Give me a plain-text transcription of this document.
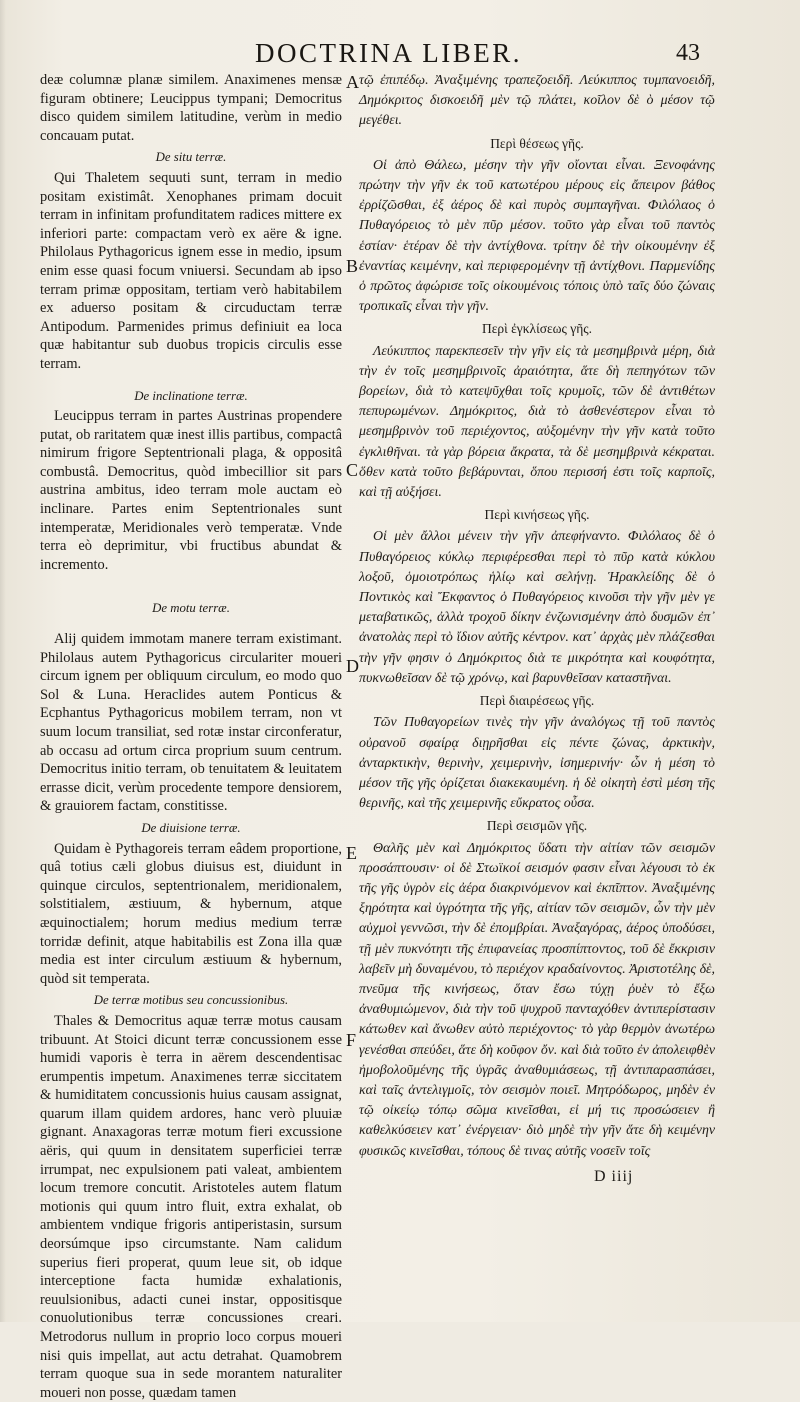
DOCTRINA LIBER.	43

deæ columnæ planæ similem. Anaximenes mensæ figuram obtinere; Leucippus tympani; Democritus disco quidem similem latitudine, verùm in medio concauam putat.

De situ terræ.

Qui Thaletem sequuti sunt, terram in medio positam existimât. Xenophanes primam docuit terram in infinitam profunditatem radices mittere ex inferiori parte: compactam verò ex aëre & igne. Philolaus Pythagoricus ignem esse in medio, ipsum enim esse quasi focum vniuersi. Secundam ab ipso terram primæ oppositam, tertiam verò habitabilem ex aduerso positam & circuductam terræ Antipodum. Parmenides primus definiuit ea loca quæ habitantur sub duobus tropicis circulis esse terram.

De inclinatione terræ.

Leucippus terram in partes Austrinas propendere putat, ob raritatem quæ inest illis partibus, compactâ nimirum frigore Septentrionali plaga, & oppositâ combustâ. Democritus, quòd imbecillior sit pars austrina ambitus, ideo terram mole auctam eò inclinare. Partes enim Septentrionales sunt intemperatæ, Meridionales verò temperatæ. Vnde terra eò deprimitur, vbi fructibus abundat & incremento.

De motu terræ.

Alij quidem immotam manere terram existimant. Philolaus autem Pythagoricus circulariter moueri circum ignem per obliquum circulum, eo modo quo Sol & Luna. Heraclides autem Ponticus & Ecphantus Pythagoricus mobilem terram, non vt suum locum transiliat, sed rotæ instar circonferatur, ab occasu ad ortum circa proprium suum centrum. Democritus initio terram, ob tenuitatem & leuitatem errasse dicit, verùm procedente tempore densiorem, & grauiorem factam, constitisse.

De diuisione terræ.

Quidam è Pythagoreis terram eâdem proportione, quâ totius cæli globus diuisus est, diuidunt in quinque circulos, septentrionalem, meridionalem, solstitialem, æstiuum, & hybernum, atque æquinoctialem; horum medius medium terræ torridæ definit, atque habitabilis est Zona illa quæ media est inter circulum æstiuum & hybernum, quòd sit temperata.

De terræ motibus seu concussionibus.

Thales & Democritus aquæ terræ motus causam tribuunt. At Stoici dicunt terræ concussionem esse humidi vaporis è terra in aërem descendentisac erumpentis impetum. Anaximenes terræ siccitatem & humiditatem concussionis huius causam assignat, quarum illam quidem ardores, hanc verò pluuiæ gignant. Anaxagoras terræ motum fieri excussione aëris, qui quum in densitatem superficiei terræ irrumpat, nec expulsionem pati valeat, ambientem locum tremore concutit. Aristoteles autem flatum motionis qui quum intro fluit, extra exhalat, ob ambientem vndique frigoris antiperistasin, sursum deorsúmque ipso circumstante. Nam calidum superius fieri properat, quum leue sit, ob idque interceptione facta humidæ exhalationis, reuulsionibus, adacti cunei instar, oppositisque conuolutionibus terræ concussiones creari. Metrodorus nullum in proprio loco corpus moueri nisi quis impellat, aut actu detrahat. Quamobrem terram quoque sua in sede morantem naturaliter moueri non posse, quædam tamen

τῷ ἐπιπέδῳ. Ἀναξιμένης τραπεζοειδῆ. Λεύκιππος τυμπανοειδῆ, Δημόκριτος δισκοειδῆ μὲν τῷ πλάτει, κοῖλον δὲ ὸ μέσον τῷ μεγέθει.

Περὶ θέσεως γῆς.

Οἱ ἀπὸ Θάλεω, μέσην τὴν γῆν οἴονται εἶναι. Ξενοφάνης πρώτην τὴν γῆν ἐκ τοῦ κατωτέρου μέρους εἰς ἄπειρον βάθος ἐρρίζῶσθαι, ἐξ ἀέρος δὲ καὶ πυρὸς συμπαγῆναι. Φιλόλαος ὁ Πυθαγόρειος τὸ μὲν πῦρ μέσον. τοῦτο γὰρ εἶναι τοῦ παντὸς ἑστίαν· ἑτέραν δὲ τὴν ἀντίχθονα. τρίτην δὲ τὴν οἰκουμένην ἐξ ἐναντίας κειμένην, καὶ περιφερομένην τῇ ἀντίχθονι. Παρμενίδης ὁ πρῶτος ἀφώρισε τοῖς οἰκουμένοις τόποις ὑπὸ ταῖς δύο ζώναις τροπικαῖς εἶναι τὴν γῆν.

Περὶ ἐγκλίσεως γῆς.

Λεύκιππος παρεκπεσεῖν τὴν γῆν εἰς τὰ μεσημβρινὰ μέρη, διὰ τὴν ἐν τοῖς μεσημβρινοῖς ἀραιότητα, ἅτε δὴ πεπηγότων τῶν βορείων, διὰ τὸ κατεψῦχθαι τοῖς κρυμοῖς, τῶν δὲ ἀντιθέτων πεπυρωμένων. Δημόκριτος, διὰ τὸ ἀσθενέστερον εἶναι τὸ μεσημβρινὸν τοῦ περιέχοντος, αὐξομένην τὴν γῆν κατὰ τοῦτο ἐγκλιθῆναι. τὰ γὰρ βόρεια ἄκρατα, τὰ δὲ μεσημβρινὰ κέκραται. ὅθεν κατὰ τοῦτο βεβάρυνται, ὅπου περισσή ἐστι τοῖς καρποῖς, καὶ τῇ αὐξήσει.

Περὶ κινήσεως γῆς.

Οἱ μὲν ἄλλοι μένειν τὴν γῆν ἀπεφήναντο. Φιλόλαος δὲ ὁ Πυθαγόρειος κύκλῳ περιφέρεσθαι περὶ τὸ πῦρ κατὰ κύκλου λοξοῦ, ὁμοιοτρόπως ἡλίῳ καὶ σελήνῃ. Ἡρακλείδης δὲ ὁ Ποντικὸς καὶ Ἔκφαντος ὁ Πυθαγόρειος κινοῦσι τὴν γῆν μὲν γε μεταβατικῶς, ἀλλὰ τροχοῦ δίκην ἐνζωνισμένην ἀπὸ δυσμῶν ἐπ᾽ ἀνατολὰς περὶ τὸ ἴδιον αὐτῆς κέντρον. κατ᾽ ἀρχὰς μὲν πλάζεσθαι τὴν γῆν φησιν ὁ Δημόκριτος διὰ τε μικρότητα καὶ κουφότητα, πυκνωθεῖσαν δὲ τῷ χρόνῳ, καὶ βαρυνθεῖσαν καταστῆναι.

Περὶ διαιρέσεως γῆς.

Τῶν Πυθαγορείων τινὲς τὴν γῆν ἀναλόγως τῇ τοῦ παντὸς οὐρανοῦ σφαίρᾳ διῃρῆσθαι εἰς πέντε ζώνας, ἀρκτικὴν, ἀνταρκτικὴν, θερινὴν, χειμερινὴν, ἰσημερινήν· ὧν ἡ μέση τὸ μέσον τῆς γῆς ὁρίζεται διακεκαυμένη. ἡ δὲ οἰκητὴ ἐστὶ μέση τῆς θερινῆς, καὶ τῆς χειμερινῆς εὔκρατος οὖσα.

Περὶ σεισμῶν γῆς.

Θαλῆς μὲν καὶ Δημόκριτος ὕδατι τὴν αἰτίαν τῶν σεισμῶν προσάπτουσιν· οἱ δὲ Στωϊκοί σεισμόν φασιν εἶναι λέγουσι τὸ ἐκ τῆς γῆς ὑγρὸν εἰς ἀέρα διακρινόμενον καὶ ἐκπῖπτον. Ἀναξιμένης ξηρότητα καὶ ὑγρότητα τῆς γῆς, αἰτίαν τῶν σεισμῶν, ὧν τὴν μὲν αὐχμοὶ γεννῶσι, τὴν δὲ ἐπομβρίαι. Ἀναξαγόρας, ἀέρος ὑποδύσει, τῇ μὲν πυκνότητι τῆς ἐπιφανείας προσπίπτοντος, τοῦ δὲ ἔκκρισιν λαβεῖν μὴ δυναμένου, τὸ περιέχον κραδαίνοντος. Ἀριστοτέλης δὲ, πνεῦμα τῆς κινήσεως, ὅταν ἔσω τύχῃ ῥυὲν τὸ ἔξω ἀναθυμιώμενον, διὰ τὴν τοῦ ψυχροῦ πανταχόθεν ἀντιπερίστασιν κάτωθεν καὶ ἄνωθεν αὐτὸ περιέχοντος· τὸ γὰρ θερμὸν ἀνωτέρω γενέσθαι σπεύδει, ἅτε δὴ κοῦφον ὄν. καὶ διὰ τοῦτο ἐν ἀπολειφθὲν ἠμοβολοῦμένης τῆς ὑγρᾶς ἀναθυμιάσεως, τῇ ἀντιπαρασπάσει, καὶ ταῖς ἀντελιγμοῖς, τὸν σεισμὸν ποιεῖ. Μητρόδωρος, μηδὲν ἐν τῷ οἰκείῳ τόπῳ σῶμα κινεῖσθαι, εἰ μή τις προσώσειεν ἢ καθελκύσειεν κατ᾽ ἐνέργειαν· διὸ μηδὲ τὴν γῆν ἅτε δὴ κειμένην φυσικῶς κινεῖσθαι, τόπους δὲ τινας αὐτῆς νοσεῖν τοῖς

A
B
C
D
E
F
D iiij
